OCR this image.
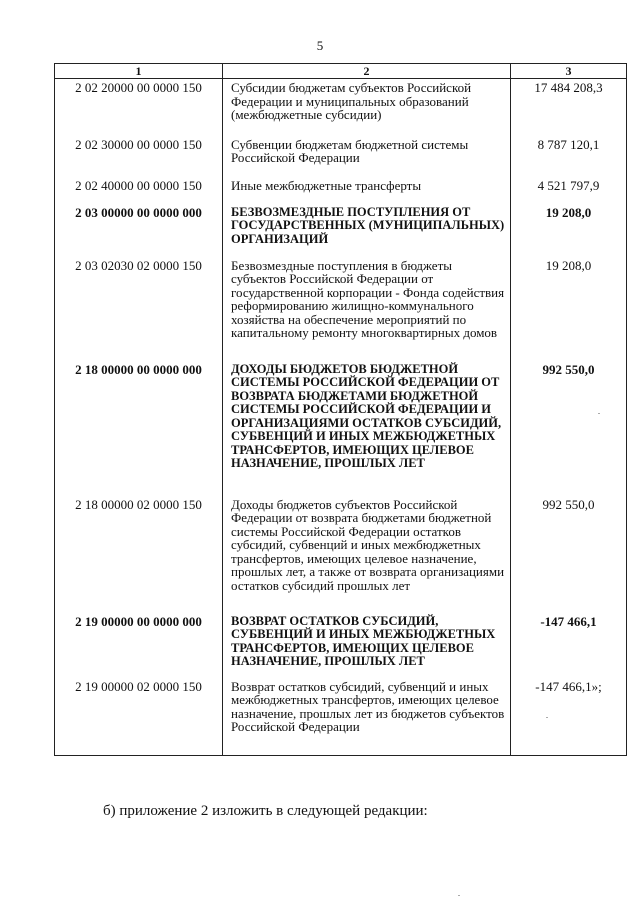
5
1	2	3
2 02 20000 00 0000 150	Субсидии бюджетам субъектов Российской Федерации и муниципальных образований (межбюджетные субсидии)	17 484 208,3
2 02 30000 00 0000 150	Субвенции бюджетам бюджетной системы Российской Федерации	8 787 120,1
2 02 40000 00 0000 150	Иные межбюджетные трансферты	4 521 797,9
2 03 00000 00 0000 000	БЕЗВОЗМЕЗДНЫЕ ПОСТУПЛЕНИЯ ОТ ГОСУДАРСТВЕННЫХ (МУНИЦИПАЛЬНЫХ) ОРГАНИЗАЦИЙ	19 208,0
2 03 02030 02 0000 150	Безвозмездные поступления в бюджеты субъектов Российской Федерации от государственной корпорации - Фонда содействия реформированию жилищно-коммунального хозяйства на обеспечение мероприятий по капитальному ремонту многоквартирных домов	19 208,0
2 18 00000 00 0000 000	ДОХОДЫ БЮДЖЕТОВ БЮДЖЕТНОЙ СИСТЕМЫ РОССИЙСКОЙ ФЕДЕРАЦИИ ОТ ВОЗВРАТА БЮДЖЕТАМИ БЮДЖЕТНОЙ СИСТЕМЫ РОССИЙСКОЙ ФЕДЕРАЦИИ И ОРГАНИЗАЦИЯМИ ОСТАТКОВ СУБСИДИЙ, СУБВЕНЦИЙ И ИНЫХ МЕЖБЮДЖЕТНЫХ ТРАНСФЕРТОВ, ИМЕЮЩИХ ЦЕЛЕВОЕ НАЗНАЧЕНИЕ, ПРОШЛЫХ ЛЕТ	992 550,0
2 18 00000 02 0000 150	Доходы бюджетов субъектов Российской Федерации от возврата бюджетами бюджетной системы Российской Федерации остатков субсидий, субвенций и иных межбюджетных трансфертов, имеющих целевое назначение, прошлых лет, а также от возврата организациями остатков субсидий прошлых лет	992 550,0
2 19 00000 00 0000 000	ВОЗВРАТ ОСТАТКОВ СУБСИДИЙ, СУБВЕНЦИЙ И ИНЫХ МЕЖБЮДЖЕТНЫХ ТРАНСФЕРТОВ, ИМЕЮЩИХ ЦЕЛЕВОЕ НАЗНАЧЕНИЕ, ПРОШЛЫХ ЛЕТ	-147 466,1
2 19 00000 02 0000 150	Возврат остатков субсидий, субвенций и иных межбюджетных трансфертов, имеющих целевое назначение, прошлых лет из бюджетов субъектов Российской Федерации	-147 466,1»;
б) приложение 2 изложить в следующей редакции:
